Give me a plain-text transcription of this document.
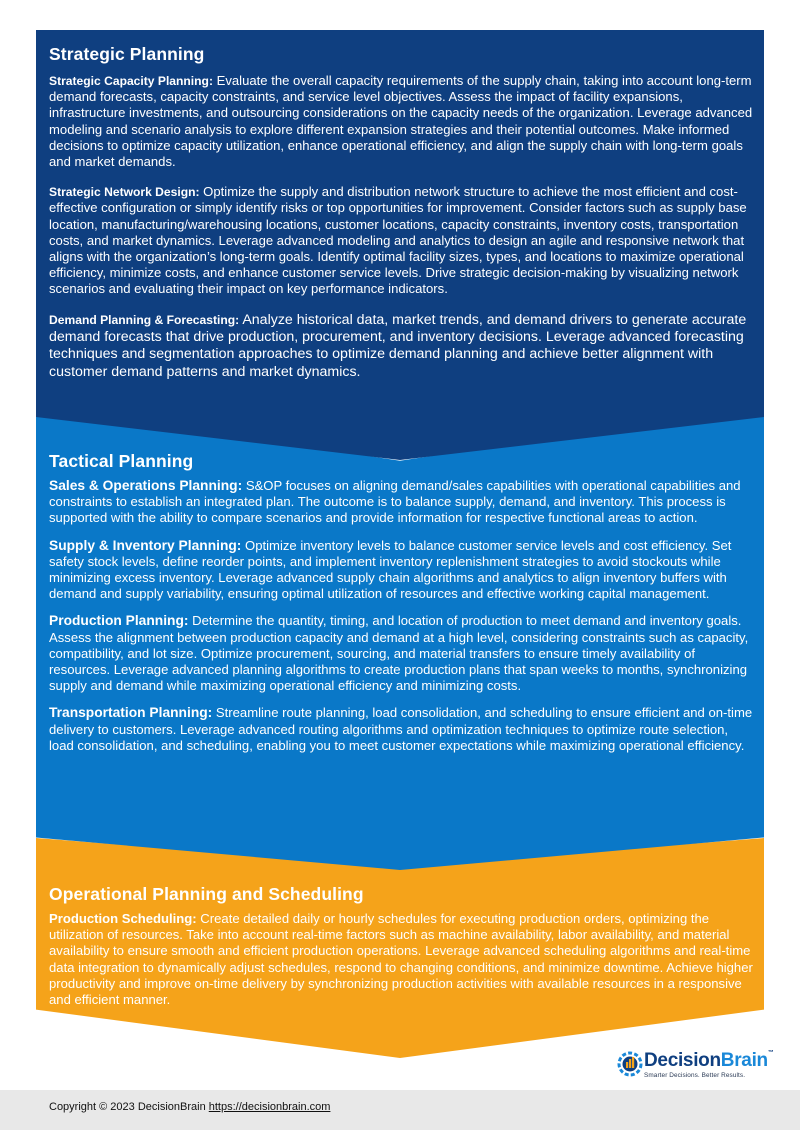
Strategic Planning

Strategic Capacity Planning: Evaluate the overall capacity requirements of the supply chain, taking into account long-term demand forecasts, capacity constraints, and service level objectives. Assess the impact of facility expansions, infrastructure investments, and outsourcing considerations on the capacity needs of the organization. Leverage advanced modeling and scenario analysis to explore different expansion strategies and their potential outcomes. Make informed decisions to optimize capacity utilization, enhance operational efficiency, and align the supply chain with long-term goals and market demands.

Strategic Network Design: Optimize the supply and distribution network structure to achieve the most efficient and cost-effective configuration or simply identify risks or top opportunities for improvement. Consider factors such as supply base location, manufacturing/warehousing locations, customer locations, capacity constraints, inventory costs, transportation costs, and market dynamics. Leverage advanced modeling and analytics to design an agile and responsive network that aligns with the organization’s long-term goals. Identify optimal facility sizes, types, and locations to maximize operational efficiency, minimize costs, and enhance customer service levels. Drive strategic decision-making by visualizing network scenarios and evaluating their impact on key performance indicators.

Demand Planning & Forecasting: Analyze historical data, market trends, and demand drivers to generate accurate demand forecasts that drive production, procurement, and inventory decisions. Leverage advanced forecasting techniques and segmentation approaches to optimize demand planning and achieve better alignment with customer demand patterns and market dynamics.

Tactical Planning

Sales & Operations Planning: S&OP focuses on aligning demand/sales capabilities with operational capabilities and constraints to establish an integrated plan. The outcome is to balance supply, demand, and inventory. This process is supported with the ability to compare scenarios and provide information for respective functional areas to action.

Supply & Inventory Planning: Optimize inventory levels to balance customer service levels and cost efficiency. Set safety stock levels, define reorder points, and implement inventory replenishment strategies to avoid stockouts while minimizing excess inventory. Leverage advanced supply chain algorithms and analytics to align inventory buffers with demand and supply variability, ensuring optimal utilization of resources and effective working capital management.

Production Planning: Determine the quantity, timing, and location of production to meet demand and inventory goals. Assess the alignment between production capacity and demand at a high level, considering constraints such as capacity, compatibility, and lot size. Optimize procurement, sourcing, and material transfers to ensure timely availability of resources. Leverage advanced planning algorithms to create production plans that span weeks to months, synchronizing supply and demand while maximizing operational efficiency and minimizing costs.

Transportation Planning: Streamline route planning, load consolidation, and scheduling to ensure efficient and on-time delivery to customers. Leverage advanced routing algorithms and optimization techniques to optimize route selection, load consolidation, and scheduling, enabling you to meet customer expectations while maximizing operational efficiency.

Operational Planning and Scheduling

Production Scheduling: Create detailed daily or hourly schedules for executing production orders, optimizing the utilization of resources. Take into account real-time factors such as machine availability, labor availability, and material availability to ensure smooth and efficient production operations. Leverage advanced scheduling algorithms and real-time data integration to dynamically adjust schedules, respond to changing conditions, and minimize downtime. Achieve higher productivity and improve on-time delivery by synchronizing production activities with available resources in a responsive and efficient manner.

DecisionBrain™
Smarter Decisions. Better Results.
Copyright © 2023 DecisionBrain https://decisionbrain.com
